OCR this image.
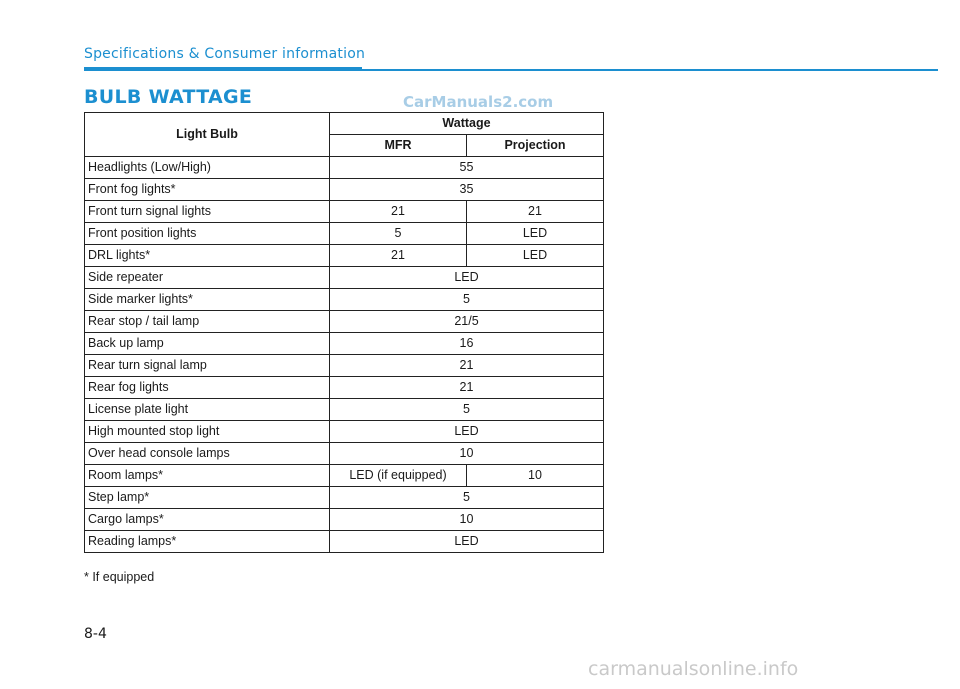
Specifications & Consumer information
BULB WATTAGE	CarManuals2.com
Light Bulb	Wattage	
	MFR	Projection
Headlights (Low/High)	55	
Front fog lights*	35	
Front turn signal lights	21	21
Front position lights	5	LED
DRL lights*	21	LED
Side repeater	LED	
Side marker lights*	5	
Rear stop / tail lamp	21/5	
Back up lamp	16	
Rear turn signal lamp	21	
Rear fog lights	21	
License plate light	5	
High mounted stop light	LED	
Over head console lamps	10	
Room lamps*	LED (if equipped)	10
Step lamp*	5	
Cargo lamps*	10	
Reading lamps*	LED	
* If equipped
8-4
carmanualsonline.info
